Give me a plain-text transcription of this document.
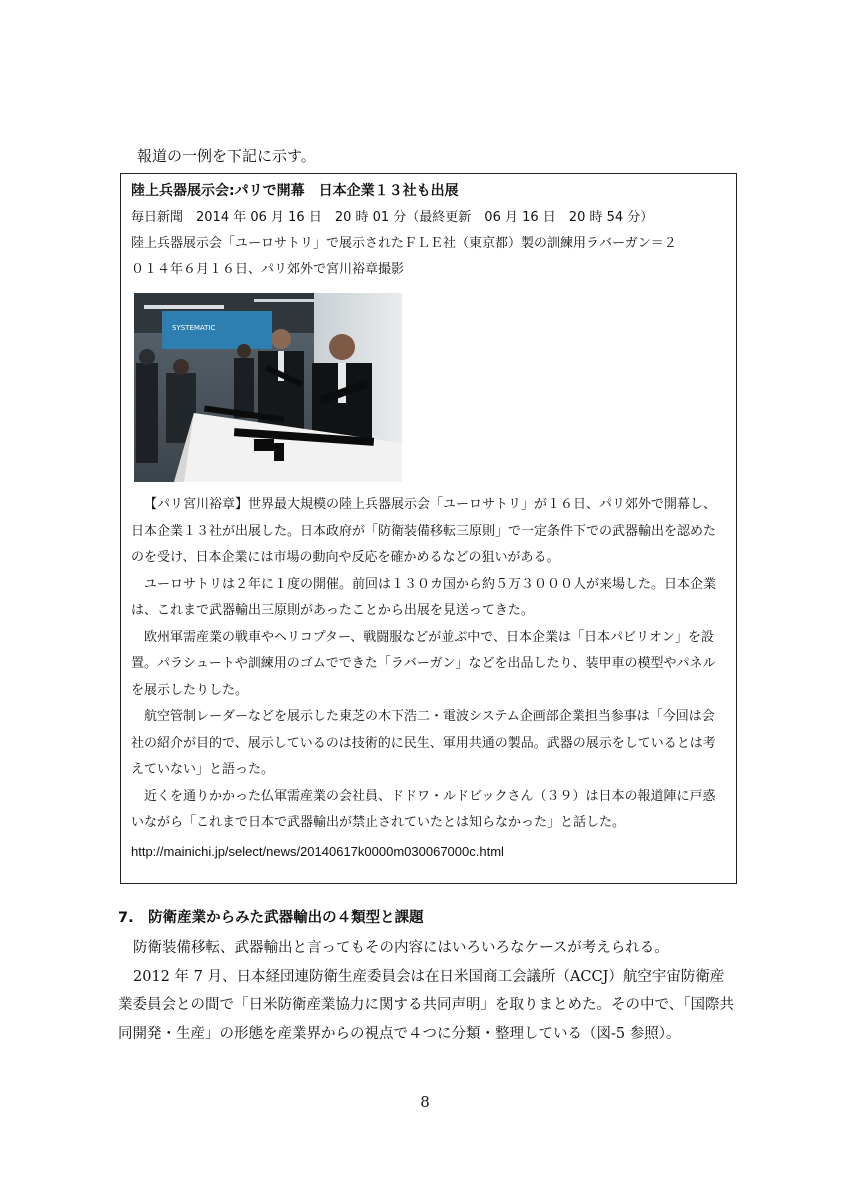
報道の一例を下記に示す。
陸上兵器展示会:パリで開幕　日本企業１３社も出展
毎日新聞　2014 年 06 月 16 日　20 時 01 分（最終更新　06 月 16 日　20 時 54 分）
陸上兵器展示会「ユーロサトリ」で展示されたＦＬＥ社（東京都）製の訓練用ラバーガン＝２
０１４年６月１６日、パリ郊外で宮川裕章撮影
SYSTEMATIC

【パリ宮川裕章】世界最大規模の陸上兵器展示会「ユーロサトリ」が１６日、パリ郊外で開幕し、日本企業１３社が出展した。日本政府が「防衛装備移転三原則」で一定条件下での武器輸出を認めたのを受け、日本企業には市場の動向や反応を確かめるなどの狙いがある。

ユーロサトリは２年に１度の開催。前回は１３０カ国から約５万３０００人が来場した。日本企業は、これまで武器輸出三原則があったことから出展を見送ってきた。

欧州軍需産業の戦車やヘリコプター、戦闘服などが並ぶ中で、日本企業は「日本パビリオン」を設置。パラシュートや訓練用のゴムでできた「ラバーガン」などを出品したり、装甲車の模型やパネルを展示したりした。

航空管制レーダーなどを展示した東芝の木下浩二・電波システム企画部企業担当参事は「今回は会社の紹介が目的で、展示しているのは技術的に民生、軍用共通の製品。武器の展示をしているとは考えていない」と語った。

近くを通りかかった仏軍需産業の会社員、ドドワ・ルドビックさん（３９）は日本の報道陣に戸惑いながら「これまで日本で武器輸出が禁止されていたとは知らなかった」と話した。

http://mainichi.jp/select/news/20140617k0000m030067000c.html
7.　防衛産業からみた武器輸出の４類型と課題

防衛装備移転、武器輸出と言ってもその内容にはいろいろなケースが考えられる。

2012 年 7 月、日本経団連防衛生産委員会は在日米国商工会議所（ACCJ）航空宇宙防衛産業委員会との間で「日米防衛産業協力に関する共同声明」を取りまとめた。その中で、「国際共同開発・生産」の形態を産業界からの視点で４つに分類・整理している（図-5 参照）。

8
